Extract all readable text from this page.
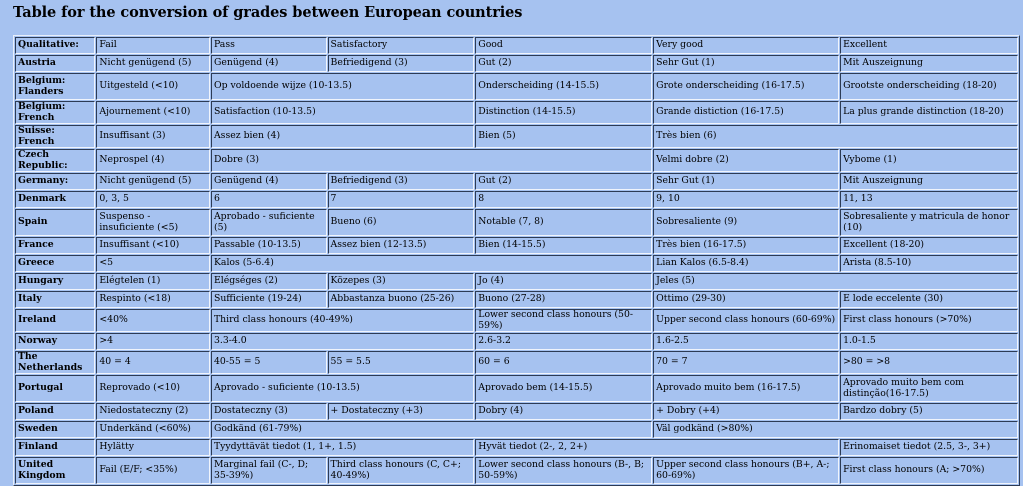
Table for the conversion of grades between European countries
Qualitative:	Fail	Pass	Satisfactory	Good	Very good	Excellent
Austria	Nicht genügend (5)	Genügend (4)	Befriedigend (3)	Gut (2)	Sehr Gut (1)	Mit Auszeignung
Belgium: Flanders	Uitgesteld (<10)	Op voldoende wijze (10-13.5)		Onderscheiding (14-15.5)	Grote onderscheiding (16-17.5)	Grootste onderscheiding (18-20)
Belgium: French	Ajournement (<10)	Satisfaction (10-13.5)		Distinction (14-15.5)	Grande distiction (16-17.5)	La plus grande distinction (18-20)
Suisse: French	Insuffisant (3)	Assez bien (4)		Bien (5)	Très bien (6)	
Czech Republic:	Neprospel (4)	Dobre (3)			Velmi dobre (2)	Vybome (1)
Germany:	Nicht genügend (5)	Genügend (4)	Befriedigend (3)	Gut (2)	Sehr Gut (1)	Mit Auszeignung
Denmark	0, 3, 5	6	7	8	9, 10	11, 13
Spain	Suspenso - insuficiente (<5)	Aprobado - suficiente (5)	Bueno (6)	Notable (7, 8)	Sobresaliente (9)	Sobresaliente y matricula de honor (10)
France	Insuffisant (<10)	Passable (10-13.5)	Assez bien (12-13.5)	Bien (14-15.5)	Très bien (16-17.5)	Excellent (18-20)
Greece	<5	Kalos (5-6.4)			Lian Kalos (6.5-8.4)	Arista (8.5-10)
Hungary	Elégtelen (1)	Elégséges (2)	Közepes (3)	Jo (4)	Jeles (5)	
Italy	Respinto (<18)	Sufficiente (19-24)	Abbastanza buono (25-26)	Buono (27-28)	Ottimo (29-30)	E lode eccelente (30)
Ireland	<40%	Third class honours (40-49%)		Lower second class honours (50-59%)	Upper second class honours (60-69%)	First class honours (>70%)
Norway	>4	3.3-4.0		2.6-3.2	1.6-2.5	1.0-1.5
The Netherlands	40 = 4	40-55 = 5	55 = 5.5	60 = 6	70 = 7	>80 = >8
Portugal	Reprovado (<10)	Aprovado - suficiente (10-13.5)		Aprovado bem (14-15.5)	Aprovado muito bem (16-17.5)	Aprovado muito bem com distinção(16-17.5)
Poland	Niedostateczny (2)	Dostateczny (3)	+ Dostateczny (+3)	Dobry (4)	+ Dobry (+4)	Bardzo dobry (5)
Sweden	Underkänd (<60%)	Godkänd (61-79%)			Väl godkänd (>80%)	
Finland	Hylätty	Tyydyttävät tiedot (1, 1+, 1.5)		Hyvät tiedot (2-, 2, 2+)		Erinomaiset tiedot (2.5, 3-, 3+)
United Kingdom	Fail (E/F; <35%)	Marginal fail (C-, D; 35-39%)	Third class honours (C, C+; 40-49%)	Lower second class honours (B-, B; 50-59%)	Upper second class honours (B+, A-; 60-69%)	First class honours (A; >70%)
